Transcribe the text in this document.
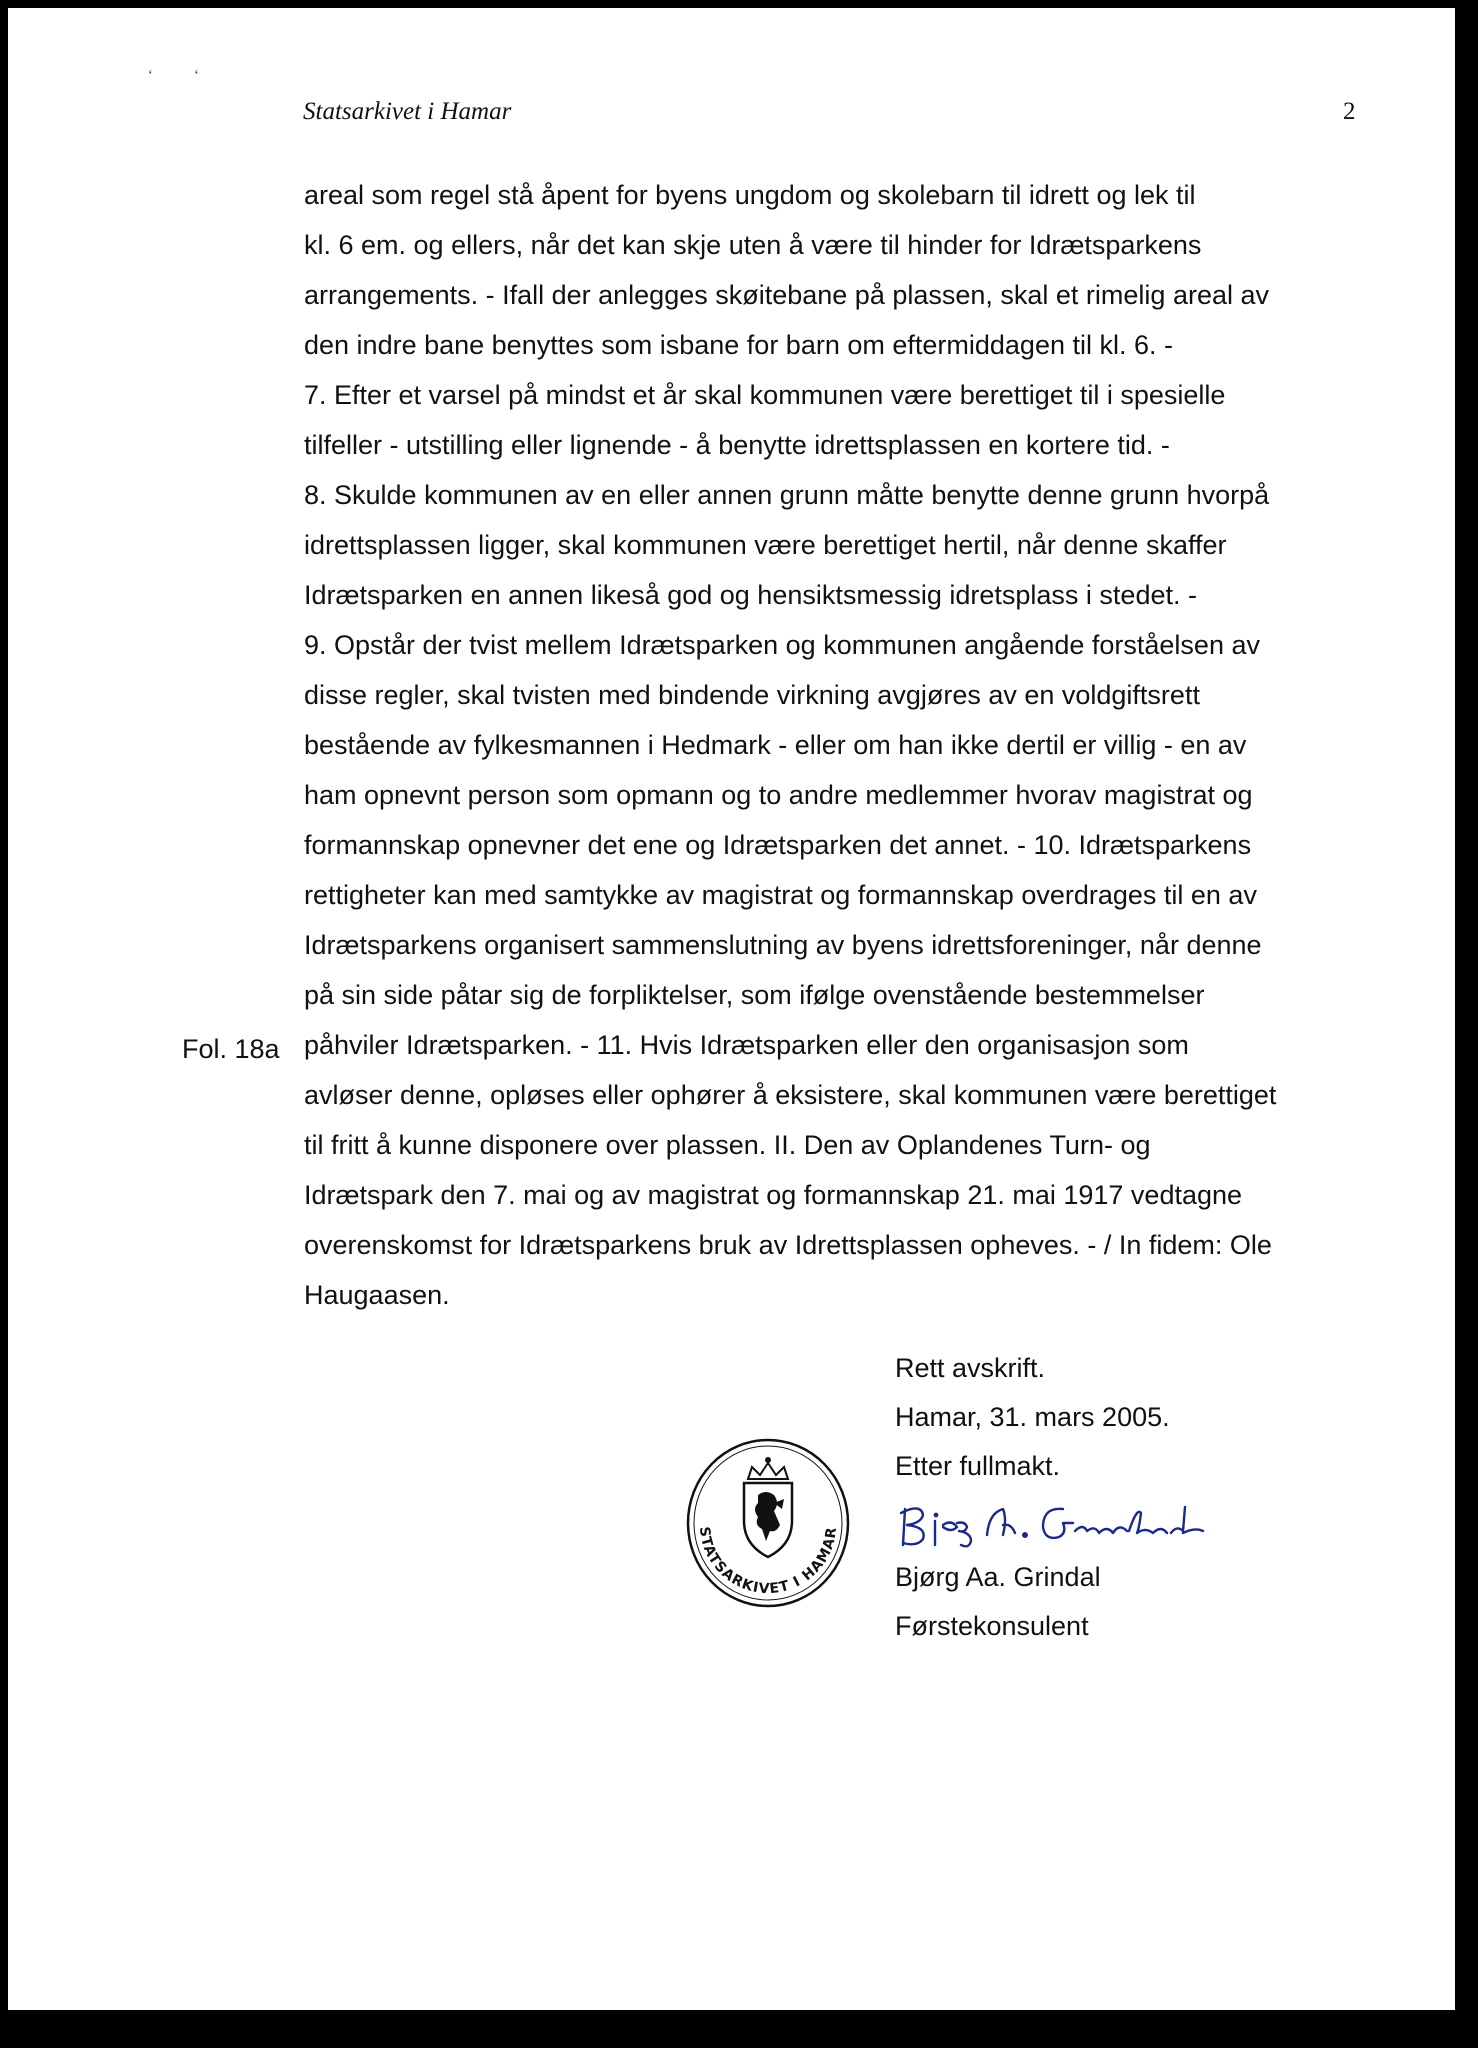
‘	‘
Statsarkivet i Hamar	2
areal som regel stå åpent for byens ungdom og skolebarn til idrett og lek til
kl. 6 em. og ellers, når det kan skje uten å være til hinder for Idrætsparkens
arrangements. - Ifall der anlegges skøitebane på plassen, skal et rimelig areal av
den indre bane benyttes som isbane for barn om eftermiddagen til kl. 6. -
7. Efter et varsel på mindst et år skal kommunen være berettiget til i spesielle
tilfeller - utstilling eller lignende - å benytte idrettsplassen en kortere tid. -
8. Skulde kommunen av en eller annen grunn måtte benytte denne grunn hvorpå
idrettsplassen ligger, skal kommunen være berettiget hertil, når denne skaffer
Idrætsparken en annen likeså god og hensiktsmessig idretsplass i stedet. -
9. Opstår der tvist mellem Idrætsparken og kommunen angående forståelsen av
disse regler, skal tvisten med bindende virkning avgjøres av en voldgiftsrett
bestående av fylkesmannen i Hedmark - eller om han ikke dertil er villig - en av
ham opnevnt person som opmann og to andre medlemmer hvorav magistrat og
formannskap opnevner det ene og Idrætsparken det annet. - 10. Idrætsparkens
rettigheter kan med samtykke av magistrat og formannskap overdrages til en av
Idrætsparkens organisert sammenslutning av byens idrettsforeninger, når denne
på sin side påtar sig de forpliktelser, som ifølge ovenstående bestemmelser
påhviler Idrætsparken. - 11. Hvis Idrætsparken eller den organisasjon som
avløser denne, opløses eller ophører å eksistere, skal kommunen være berettiget
til fritt å kunne disponere over plassen. II. Den av Oplandenes Turn- og
Idrætspark den 7. mai og av magistrat og formannskap 21. mai 1917 vedtagne
overenskomst for Idrætsparkens bruk av Idrettsplassen opheves. - / In fidem: Ole
Haugaasen.
Fol. 18a
STATSARKIVET I HAMAR
Rett avskrift.
Hamar, 31. mars 2005.
Etter fullmakt.
Bjørg Aa. Grindal
Førstekonsulent
